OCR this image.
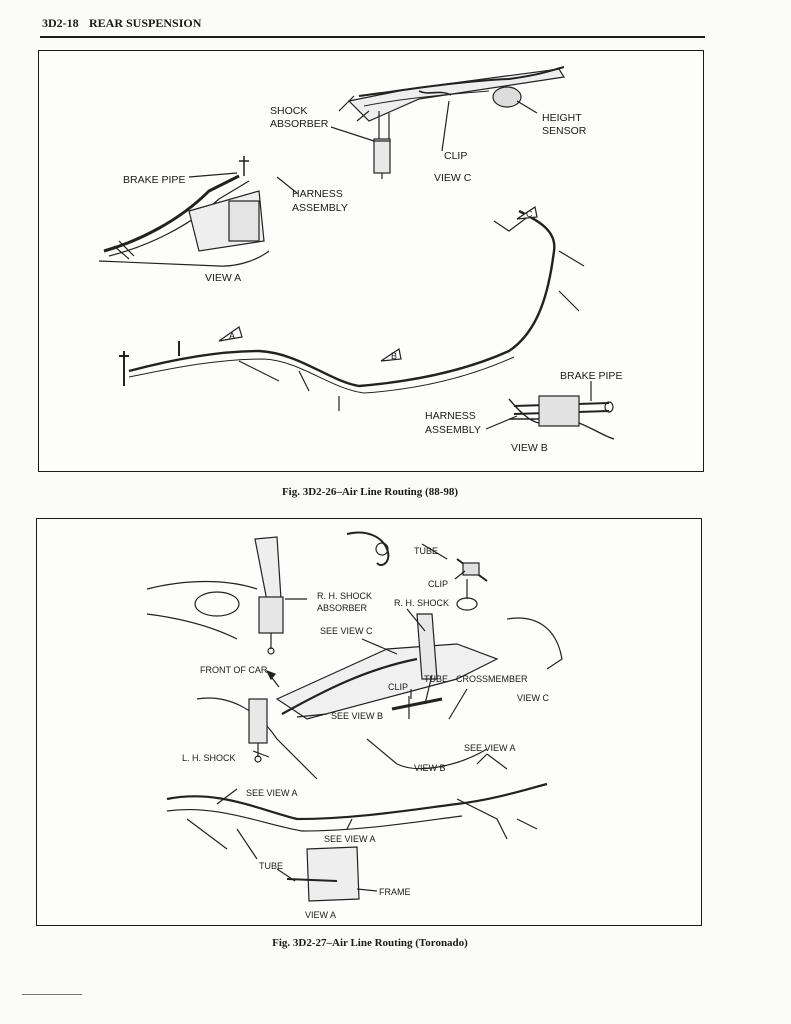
3D2-18 REAR SUSPENSION
SHOCK
ABSORBER	HEIGHT
SENSOR
CLIP
VIEW C
BRAKE PIPE
HARNESS
ASSEMBLY
VIEW A
A
B
C
BRAKE PIPE
HARNESS
ASSEMBLY
VIEW B
Fig. 3D2-26–Air Line Routing (88-98)
TUBE
CLIP
R. H. SHOCK
ABSORBER	R. H. SHOCK
SEE VIEW C
FRONT OF CAR
CLIP
TUBE CROSSMEMBER
VIEW C
SEE VIEW B
L. H. SHOCK
SEE VIEW A
VIEW B
SEE VIEW A
SEE VIEW A
TUBE
FRAME
VIEW A
Fig. 3D2-27–Air Line Routing (Toronado)
